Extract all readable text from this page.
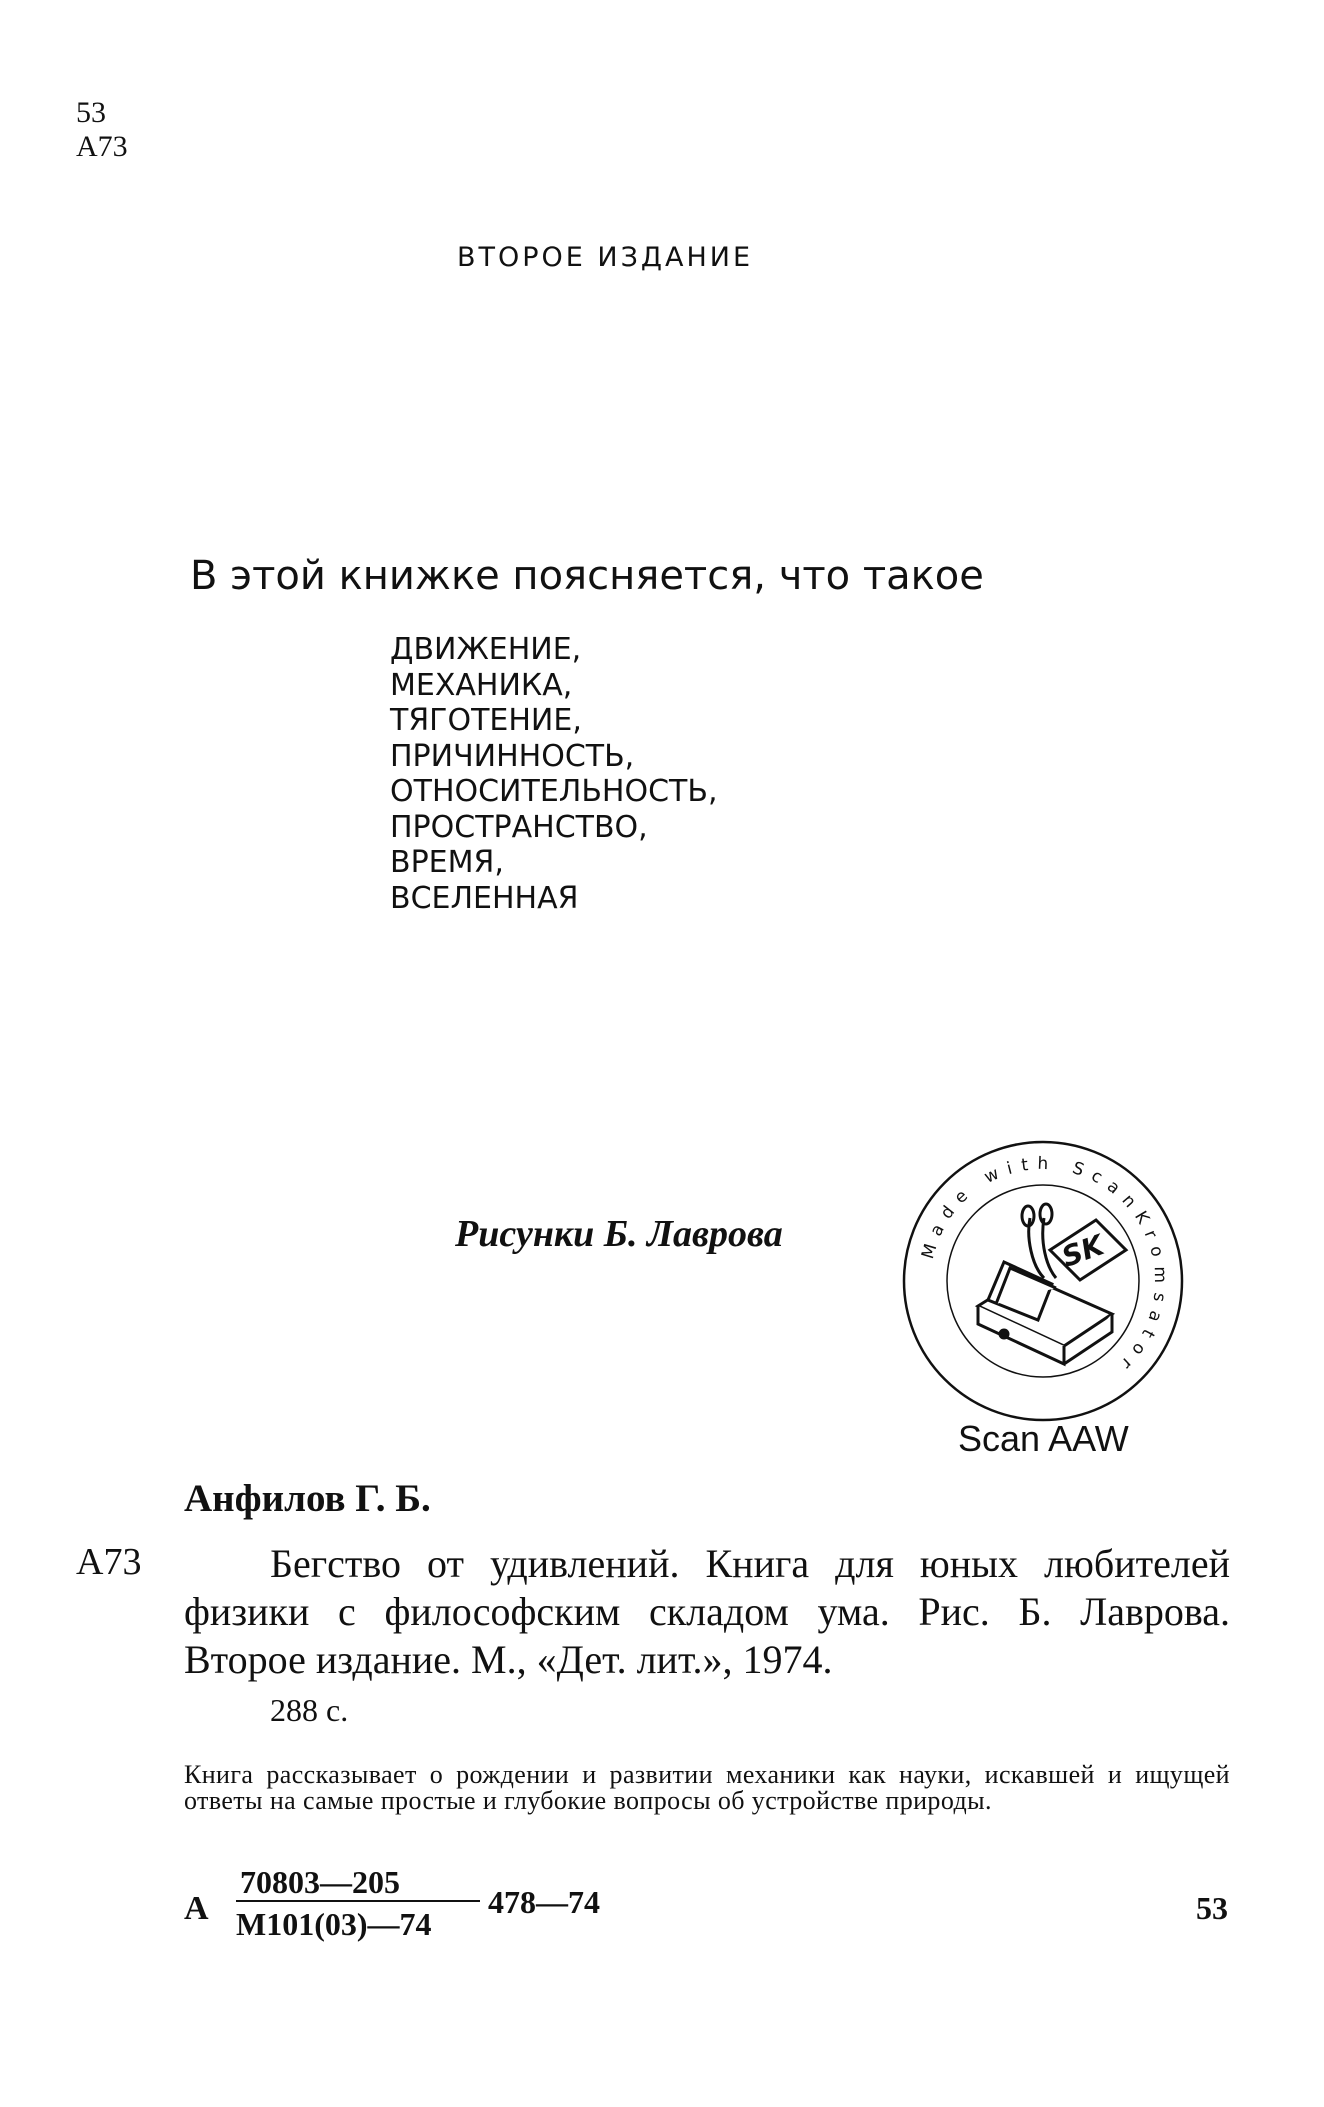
53
А73
ВТОРОЕ ИЗДАНИЕ
В этой книжке поясняется, что такое
ДВИЖЕНИЕ,
МЕХАНИКА,
ТЯГОТЕНИЕ,
ПРИЧИННОСТЬ,
ОТНОСИТЕЛЬНОСТЬ,
ПРОСТРАНСТВО,
ВРЕМЯ,
ВСЕЛЕННАЯ
Рисунки Б. Лаврова	Made with ScanKromsator
SK
Scan AAW
Анфилов Г. Б.
А73	Бегство от удивлений. Книга для юных любителей физики с философским складом ума. Рис. Б. Лаврова. Второе издание. М., «Дет. лит.», 1974.

288 с.

Книга рассказывает о рождении и развитии механики как науки, искавшей и ищущей ответы на самые простые и глубокие вопросы об устройстве природы.

А
70803—205
М101(03)—74
478—74	53
